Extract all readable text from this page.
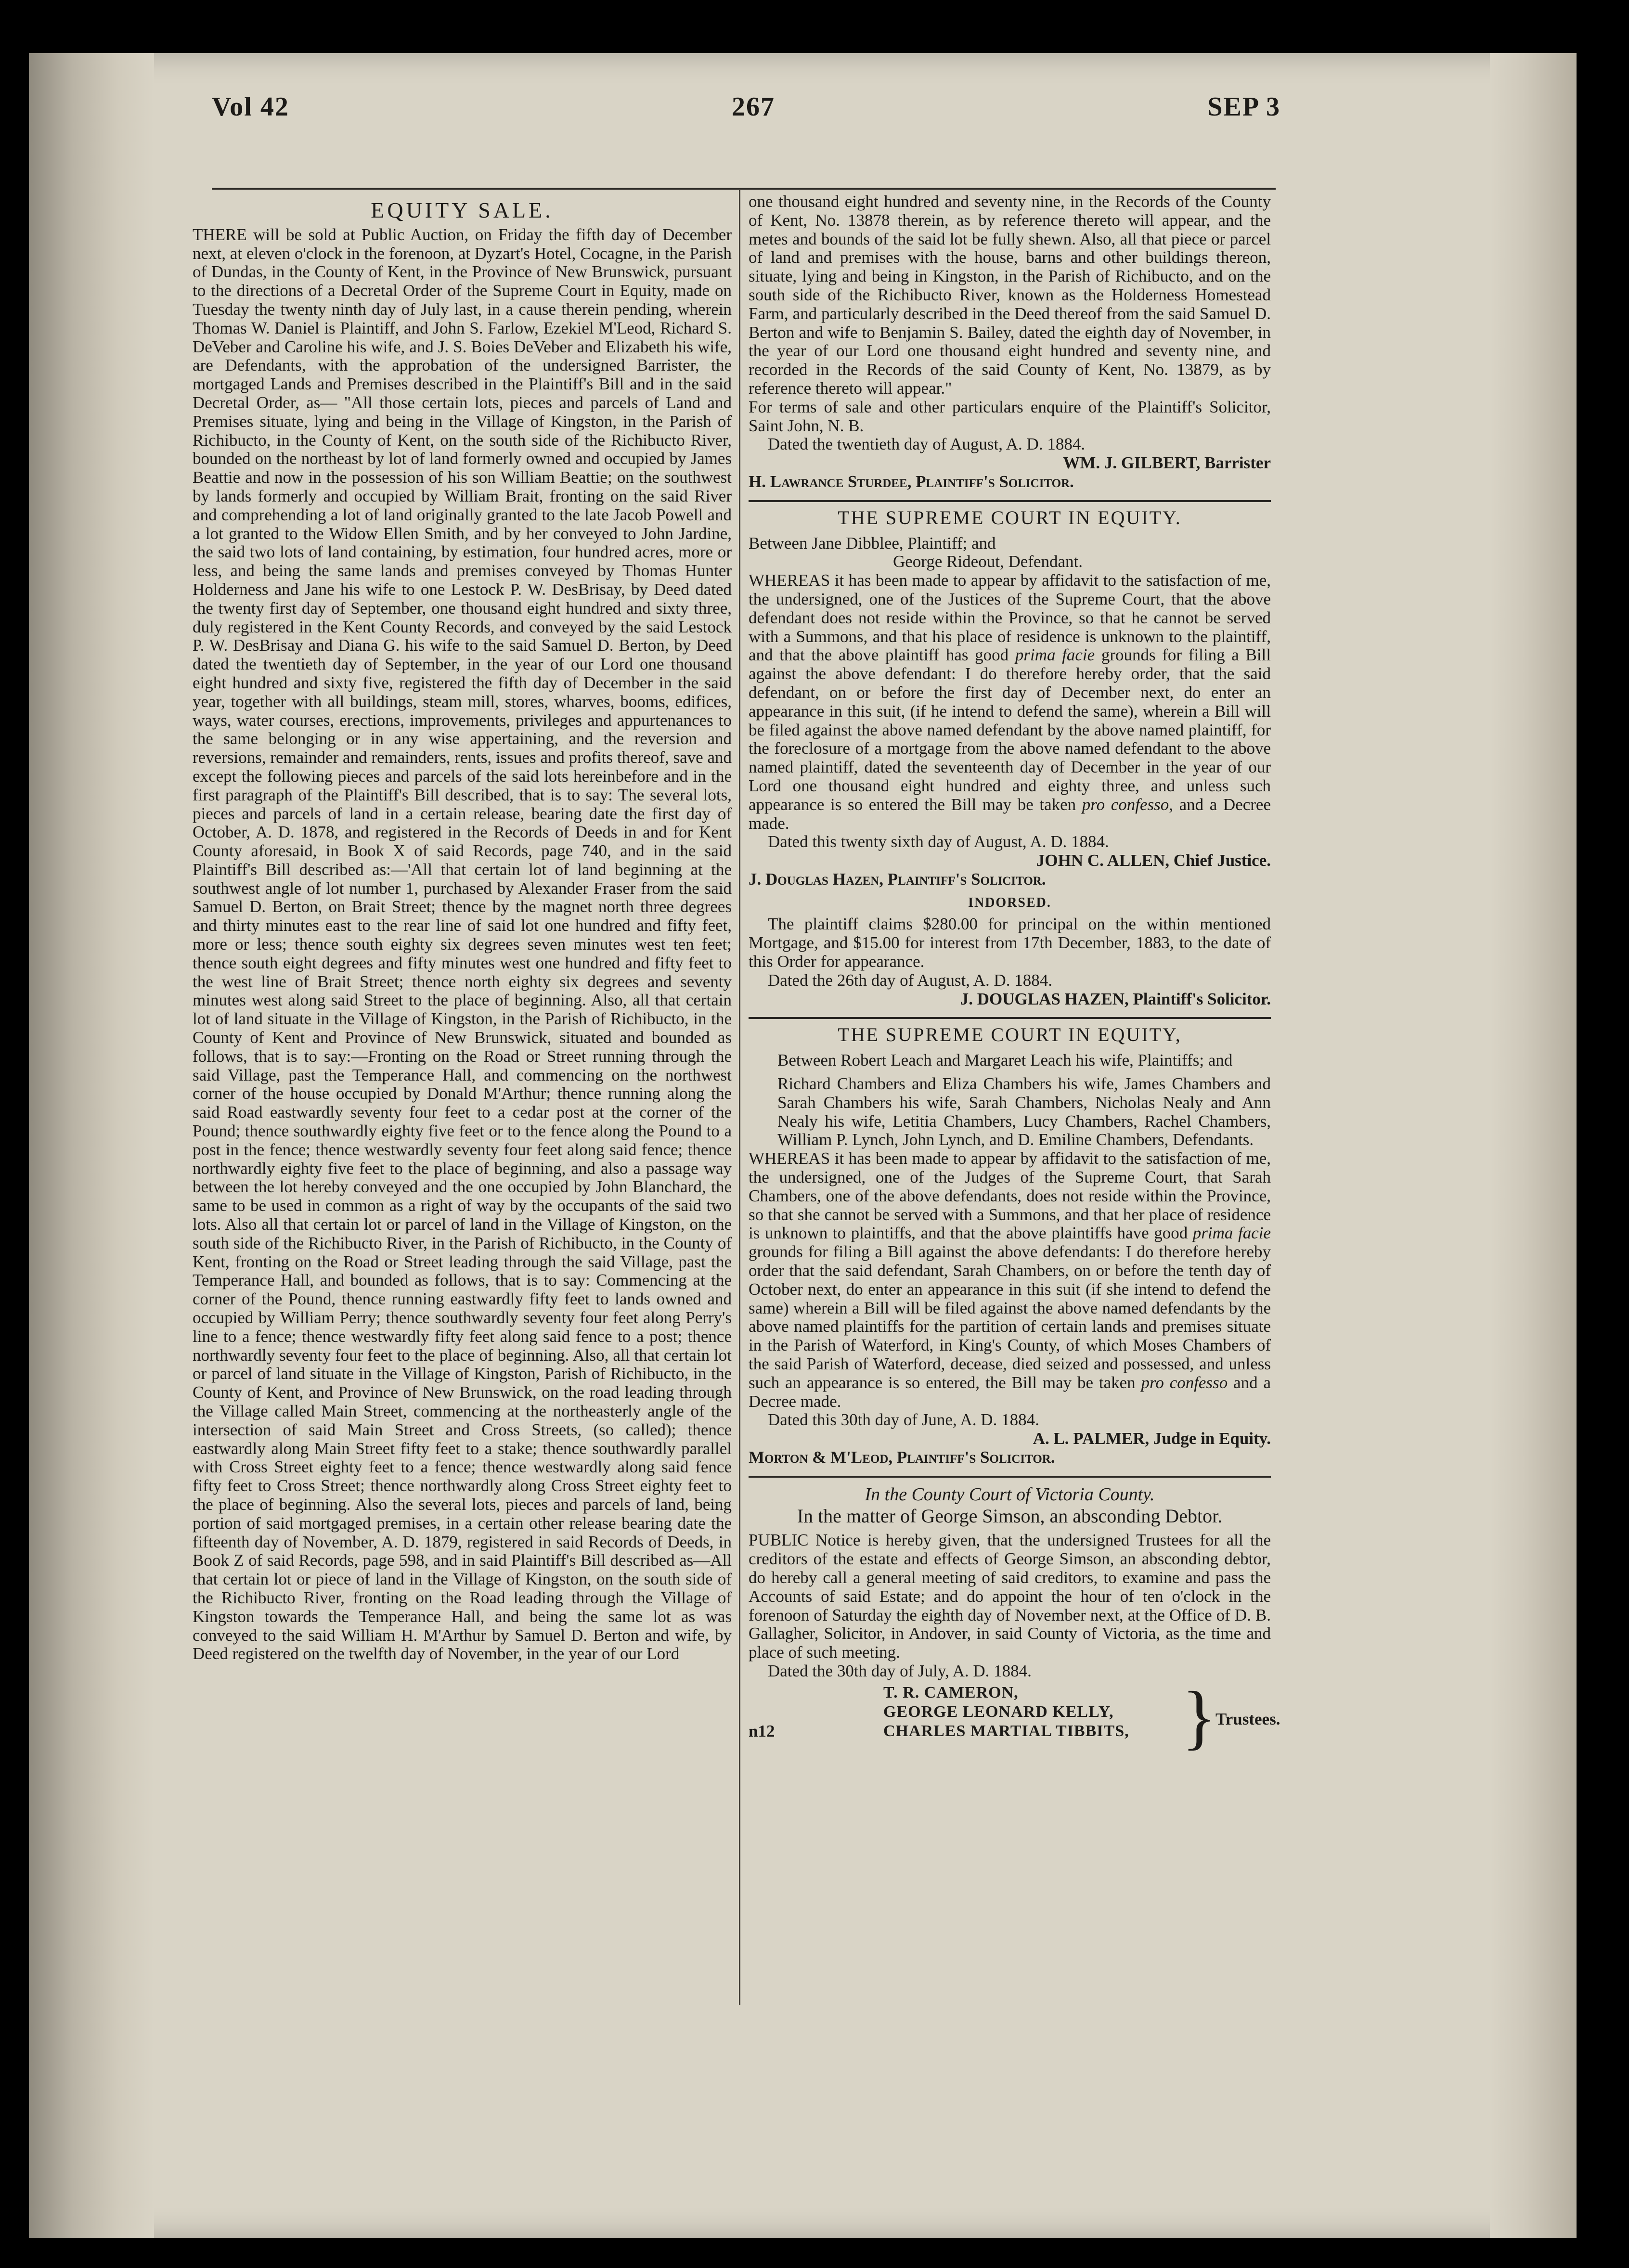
Vol 42	267	SEP 3
EQUITY SALE.

THERE will be sold at Public Auction, on Friday the fifth day of December next, at eleven o'clock in the forenoon, at Dyzart's Hotel, Cocagne, in the Parish of Dundas, in the County of Kent, in the Province of New Brunswick, pursuant to the directions of a Decretal Order of the Supreme Court in Equity, made on Tuesday the twenty ninth day of July last, in a cause therein pending, wherein Thomas W. Daniel is Plaintiff, and John S. Farlow, Ezekiel M'Leod, Richard S. DeVeber and Caroline his wife, and J. S. Boies DeVeber and Elizabeth his wife, are Defendants, with the approbation of the undersigned Barrister, the mortgaged Lands and Premises described in the Plaintiff's Bill and in the said Decretal Order, as— "All those certain lots, pieces and parcels of Land and Premises situate, lying and being in the Village of Kingston, in the Parish of Richibucto, in the County of Kent, on the south side of the Richibucto River, bounded on the northeast by lot of land formerly owned and occupied by James Beattie and now in the possession of his son William Beattie; on the southwest by lands formerly and occupied by William Brait, fronting on the said River and comprehending a lot of land originally granted to the late Jacob Powell and a lot granted to the Widow Ellen Smith, and by her conveyed to John Jardine, the said two lots of land containing, by estimation, four hundred acres, more or less, and being the same lands and premises conveyed by Thomas Hunter Holderness and Jane his wife to one Lestock P. W. DesBrisay, by Deed dated the twenty first day of September, one thousand eight hundred and sixty three, duly registered in the Kent County Records, and conveyed by the said Lestock P. W. DesBrisay and Diana G. his wife to the said Samuel D. Berton, by Deed dated the twentieth day of September, in the year of our Lord one thousand eight hundred and sixty five, registered the fifth day of December in the said year, together with all buildings, steam mill, stores, wharves, booms, edifices, ways, water courses, erections, improvements, privileges and appurtenances to the same belonging or in any wise appertaining, and the reversion and reversions, remainder and remainders, rents, issues and profits thereof, save and except the following pieces and parcels of the said lots hereinbefore and in the first paragraph of the Plaintiff's Bill described, that is to say: The several lots, pieces and parcels of land in a certain release, bearing date the first day of October, A. D. 1878, and registered in the Records of Deeds in and for Kent County aforesaid, in Book X of said Records, page 740, and in the said Plaintiff's Bill described as:—'All that certain lot of land beginning at the southwest angle of lot number 1, purchased by Alexander Fraser from the said Samuel D. Berton, on Brait Street; thence by the magnet north three degrees and thirty minutes east to the rear line of said lot one hundred and fifty feet, more or less; thence south eighty six degrees seven minutes west ten feet; thence south eight degrees and fifty minutes west one hundred and fifty feet to the west line of Brait Street; thence north eighty six degrees and seventy minutes west along said Street to the place of beginning. Also, all that certain lot of land situate in the Village of Kingston, in the Parish of Richibucto, in the County of Kent and Province of New Brunswick, situated and bounded as follows, that is to say:—Fronting on the Road or Street running through the said Village, past the Temperance Hall, and commencing on the northwest corner of the house occupied by Donald M'Arthur; thence running along the said Road eastwardly seventy four feet to a cedar post at the corner of the Pound; thence southwardly eighty five feet or to the fence along the Pound to a post in the fence; thence westwardly seventy four feet along said fence; thence northwardly eighty five feet to the place of beginning, and also a passage way between the lot hereby conveyed and the one occupied by John Blanchard, the same to be used in common as a right of way by the occupants of the said two lots. Also all that certain lot or parcel of land in the Village of Kingston, on the south side of the Richibucto River, in the Parish of Richibucto, in the County of Kent, fronting on the Road or Street leading through the said Village, past the Temperance Hall, and bounded as follows, that is to say: Commencing at the corner of the Pound, thence running eastwardly fifty feet to lands owned and occupied by William Perry; thence southwardly seventy four feet along Perry's line to a fence; thence westwardly fifty feet along said fence to a post; thence northwardly seventy four feet to the place of beginning. Also, all that certain lot or parcel of land situate in the Village of Kingston, Parish of Richibucto, in the County of Kent, and Province of New Brunswick, on the road leading through the Village called Main Street, commencing at the northeasterly angle of the intersection of said Main Street and Cross Streets, (so called); thence eastwardly along Main Street fifty feet to a stake; thence southwardly parallel with Cross Street eighty feet to a fence; thence westwardly along said fence fifty feet to Cross Street; thence northwardly along Cross Street eighty feet to the place of beginning. Also the several lots, pieces and parcels of land, being portion of said mortgaged premises, in a certain other release bearing date the fifteenth day of November, A. D. 1879, registered in said Records of Deeds, in Book Z of said Records, page 598, and in said Plaintiff's Bill described as—All that certain lot or piece of land in the Village of Kingston, on the south side of the Richibucto River, fronting on the Road leading through the Village of Kingston towards the Temperance Hall, and being the same lot as was conveyed to the said William H. M'Arthur by Samuel D. Berton and wife, by Deed registered on the twelfth day of November, in the year of our Lord

one thousand eight hundred and seventy nine, in the Records of the County of Kent, No. 13878 therein, as by reference thereto will appear, and the metes and bounds of the said lot be fully shewn. Also, all that piece or parcel of land and premises with the house, barns and other buildings thereon, situate, lying and being in Kingston, in the Parish of Richibucto, and on the south side of the Richibucto River, known as the Holderness Homestead Farm, and particularly described in the Deed thereof from the said Samuel D. Berton and wife to Benjamin S. Bailey, dated the eighth day of November, in the year of our Lord one thousand eight hundred and seventy nine, and recorded in the Records of the said County of Kent, No. 13879, as by reference thereto will appear."

For terms of sale and other particulars enquire of the Plaintiff's Solicitor, Saint John, N. B.

Dated the twentieth day of August, A. D. 1884.

WM. J. GILBERT, Barrister

H. Lawrance Sturdee, Plaintiff's Solicitor.

THE SUPREME COURT IN EQUITY.

Between Jane Dibblee, Plaintiff; and

George Rideout, Defendant.

WHEREAS it has been made to appear by affidavit to the satisfaction of me, the undersigned, one of the Justices of the Supreme Court, that the above defendant does not reside within the Province, so that he cannot be served with a Summons, and that his place of residence is unknown to the plaintiff, and that the above plaintiff has good prima facie grounds for filing a Bill against the above defendant: I do therefore hereby order, that the said defendant, on or before the first day of December next, do enter an appearance in this suit, (if he intend to defend the same), wherein a Bill will be filed against the above named defendant by the above named plaintiff, for the foreclosure of a mortgage from the above named defendant to the above named plaintiff, dated the seventeenth day of December in the year of our Lord one thousand eight hundred and eighty three, and unless such appearance is so entered the Bill may be taken pro confesso, and a Decree made.

Dated this twenty sixth day of August, A. D. 1884.

JOHN C. ALLEN, Chief Justice.

J. Douglas Hazen, Plaintiff's Solicitor.

INDORSED.

The plaintiff claims $280.00 for principal on the within mentioned Mortgage, and $15.00 for interest from 17th December, 1883, to the date of this Order for appearance.

Dated the 26th day of August, A. D. 1884.

J. DOUGLAS HAZEN, Plaintiff's Solicitor.

THE SUPREME COURT IN EQUITY,

Between Robert Leach and Margaret Leach his wife, Plaintiffs; and

Richard Chambers and Eliza Chambers his wife, James Chambers and Sarah Chambers his wife, Sarah Chambers, Nicholas Nealy and Ann Nealy his wife, Letitia Chambers, Lucy Chambers, Rachel Chambers, William P. Lynch, John Lynch, and D. Emiline Chambers, Defendants.

WHEREAS it has been made to appear by affidavit to the satisfaction of me, the undersigned, one of the Judges of the Supreme Court, that Sarah Chambers, one of the above defendants, does not reside within the Province, so that she cannot be served with a Summons, and that her place of residence is unknown to plaintiffs, and that the above plaintiffs have good prima facie grounds for filing a Bill against the above defendants: I do therefore hereby order that the said defendant, Sarah Chambers, on or before the tenth day of October next, do enter an appearance in this suit (if she intend to defend the same) wherein a Bill will be filed against the above named defendants by the above named plaintiffs for the partition of certain lands and premises situate in the Parish of Waterford, in King's County, of which Moses Chambers of the said Parish of Waterford, decease, died seized and possessed, and unless such an appearance is so entered, the Bill may be taken pro confesso and a Decree made.

Dated this 30th day of June, A. D. 1884.

A. L. PALMER, Judge in Equity.

Morton & M'Leod, Plaintiff's Solicitor.

In the County Court of Victoria County.
In the matter of George Simson, an absconding Debtor.

PUBLIC Notice is hereby given, that the undersigned Trustees for all the creditors of the estate and effects of George Simson, an absconding debtor, do hereby call a general meeting of said creditors, to examine and pass the Accounts of said Estate; and do appoint the hour of ten o'clock in the forenoon of Saturday the eighth day of November next, at the Office of D. B. Gallagher, Solicitor, in Andover, in said County of Victoria, as the time and place of such meeting.

Dated the 30th day of July, A. D. 1884.

T. R. CAMERON,
GEORGE LEONARD KELLY,
CHARLES MARTIAL TIBBITS, }
Trustees.
n12
